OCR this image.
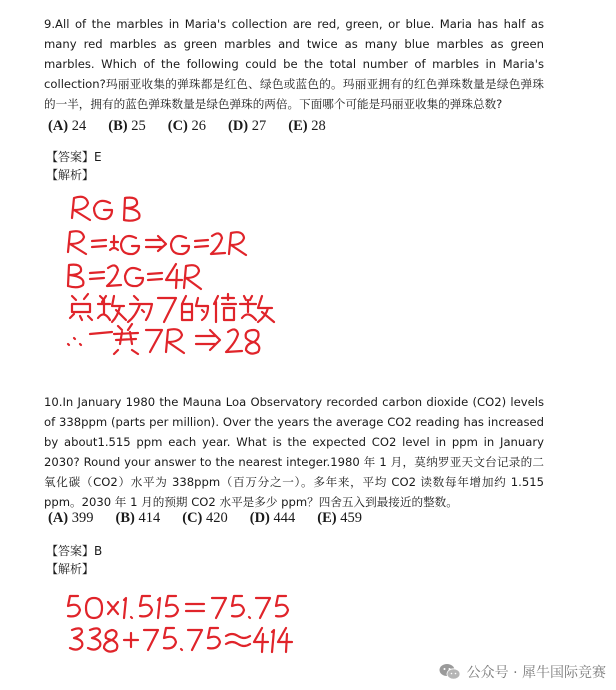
9.All of the marbles in Maria's collection are red, green, or blue. Maria has half as many red marbles as green marbles and twice as many blue marbles as green marbles. Which of the following could be the total number of marbles in Maria's collection?玛丽亚收集的弹珠都是红色、绿色或蓝色的。玛丽亚拥有的红色弹珠数量是绿色弹珠的一半，拥有的蓝色弹珠数量是绿色弹珠的两倍。下面哪个可能是玛丽亚收集的弹珠总数?

(A) 24 (B) 25 (C) 26 (D) 27 (E) 28
【答案】E
【解析】

10.In January 1980 the Mauna Loa Observatory recorded carbon dioxide (CO2) levels of 338ppm (parts per million). Over the years the average CO2 reading has increased by about1.515 ppm each year. What is the expected CO2 level in ppm in January 2030? Round your answer to the nearest integer.1980 年 1 月，莫纳罗亚天文台记录的二氧化碳（CO2）水平为 338ppm（百万分之一）。多年来，平均 CO2 读数每年增加约 1.515 ppm。2030 年 1 月的预期 CO2 水平是多少 ppm？四舍五入到最接近的整数。

(A) 399 (B) 414 (C) 420 (D) 444 (E) 459
【答案】B
【解析】
公众号 · 犀牛国际竞赛
